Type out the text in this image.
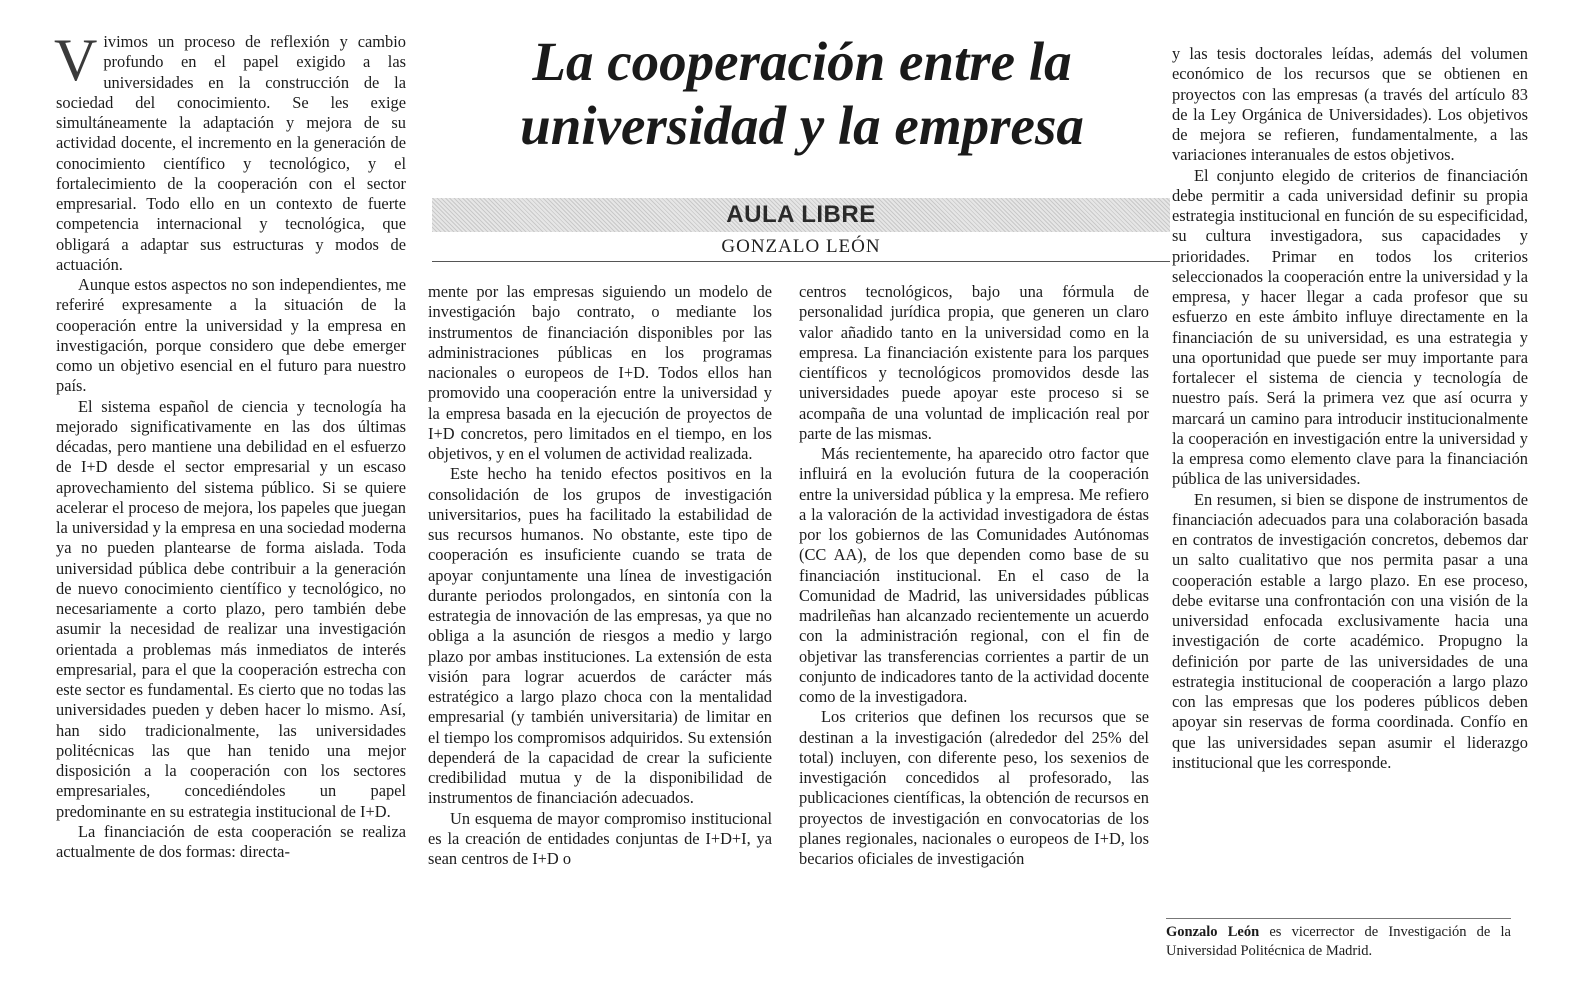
Vivimos un proceso de reflexión y cambio profundo en el papel exigido a las universidades en la construcción de la sociedad del conocimiento. Se les exige simultáneamente la adaptación y mejora de su actividad docente, el incremento en la generación de conocimiento científico y tecnológico, y el fortalecimiento de la cooperación con el sector empresarial. Todo ello en un contexto de fuerte competencia internacional y tecnológica, que obligará a adaptar sus estructuras y modos de actuación.

Aunque estos aspectos no son independientes, me referiré expresamente a la situación de la cooperación entre la universidad y la empresa en investigación, porque considero que debe emerger como un objetivo esencial en el futuro para nuestro país.

El sistema español de ciencia y tecnología ha mejorado significativamente en las dos últimas décadas, pero mantiene una debilidad en el esfuerzo de I+D desde el sector empresarial y un escaso aprovechamiento del sistema público. Si se quiere acelerar el proceso de mejora, los papeles que juegan la universidad y la empresa en una sociedad moderna ya no pueden plantearse de forma aislada. Toda universidad pública debe contribuir a la generación de nuevo conocimiento científico y tecnológico, no necesariamente a corto plazo, pero también debe asumir la necesidad de realizar una investigación orientada a problemas más inmediatos de interés empresarial, para el que la cooperación estrecha con este sector es fundamental. Es cierto que no todas las universidades pueden y deben hacer lo mismo. Así, han sido tradicionalmente, las universidades politécnicas las que han tenido una mejor disposición a la cooperación con los sectores empresariales, concediéndoles un papel predominante en su estrategia institucional de I+D.

La financiación de esta cooperación se realiza actualmente de dos formas: directa-

La cooperación entre la universidad y la empresa
AULA LIBRE
GONZALO LEÓN

mente por las empresas siguiendo un modelo de investigación bajo contrato, o mediante los instrumentos de financiación disponibles por las administraciones públicas en los programas nacionales o europeos de I+D. Todos ellos han promovido una cooperación entre la universidad y la empresa basada en la ejecución de proyectos de I+D concretos, pero limitados en el tiempo, en los objetivos, y en el volumen de actividad realizada.

Este hecho ha tenido efectos positivos en la consolidación de los grupos de investigación universitarios, pues ha facilitado la estabilidad de sus recursos humanos. No obstante, este tipo de cooperación es insuficiente cuando se trata de apoyar conjuntamente una línea de investigación durante periodos prolongados, en sintonía con la estrategia de innovación de las empresas, ya que no obliga a la asunción de riesgos a medio y largo plazo por ambas instituciones. La extensión de esta visión para lograr acuerdos de carácter más estratégico a largo plazo choca con la mentalidad empresarial (y también universitaria) de limitar en el tiempo los compromisos adquiridos. Su extensión dependerá de la capacidad de crear la suficiente credibilidad mutua y de la disponibilidad de instrumentos de financiación adecuados.

Un esquema de mayor compromiso institucional es la creación de entidades conjuntas de I+D+I, ya sean centros de I+D o

centros tecnológicos, bajo una fórmula de personalidad jurídica propia, que generen un claro valor añadido tanto en la universidad como en la empresa. La financiación existente para los parques científicos y tecnológicos promovidos desde las universidades puede apoyar este proceso si se acompaña de una voluntad de implicación real por parte de las mismas.

Más recientemente, ha aparecido otro factor que influirá en la evolución futura de la cooperación entre la universidad pública y la empresa. Me refiero a la valoración de la actividad investigadora de éstas por los gobiernos de las Comunidades Autónomas (CC AA), de los que dependen como base de su financiación institucional. En el caso de la Comunidad de Madrid, las universidades públicas madrileñas han alcanzado recientemente un acuerdo con la administración regional, con el fin de objetivar las transferencias corrientes a partir de un conjunto de indicadores tanto de la actividad docente como de la investigadora.

Los criterios que definen los recursos que se destinan a la investigación (alrededor del 25% del total) incluyen, con diferente peso, los sexenios de investigación concedidos al profesorado, las publicaciones científicas, la obtención de recursos en proyectos de investigación en convocatorias de los planes regionales, nacionales o europeos de I+D, los becarios oficiales de investigación

y las tesis doctorales leídas, además del volumen económico de los recursos que se obtienen en proyectos con las empresas (a través del artículo 83 de la Ley Orgánica de Universidades). Los objetivos de mejora se refieren, fundamentalmente, a las variaciones interanuales de estos objetivos.

El conjunto elegido de criterios de financiación debe permitir a cada universidad definir su propia estrategia institucional en función de su especificidad, su cultura investigadora, sus capacidades y prioridades. Primar en todos los criterios seleccionados la cooperación entre la universidad y la empresa, y hacer llegar a cada profesor que su esfuerzo en este ámbito influye directamente en la financiación de su universidad, es una estrategia y una oportunidad que puede ser muy importante para fortalecer el sistema de ciencia y tecnología de nuestro país. Será la primera vez que así ocurra y marcará un camino para introducir institucionalmente la cooperación en investigación entre la universidad y la empresa como elemento clave para la financiación pública de las universidades.

En resumen, si bien se dispone de instrumentos de financiación adecuados para una colaboración basada en contratos de investigación concretos, debemos dar un salto cualitativo que nos permita pasar a una cooperación estable a largo plazo. En ese proceso, debe evitarse una confrontación con una visión de la universidad enfocada exclusivamente hacia una investigación de corte académico. Propugno la definición por parte de las universidades de una estrategia institucional de cooperación a largo plazo con las empresas que los poderes públicos deben apoyar sin reservas de forma coordinada. Confío en que las universidades sepan asumir el liderazgo institucional que les corresponde.

Gonzalo León es vicerrector de Investigación de la Universidad Politécnica de Madrid.
